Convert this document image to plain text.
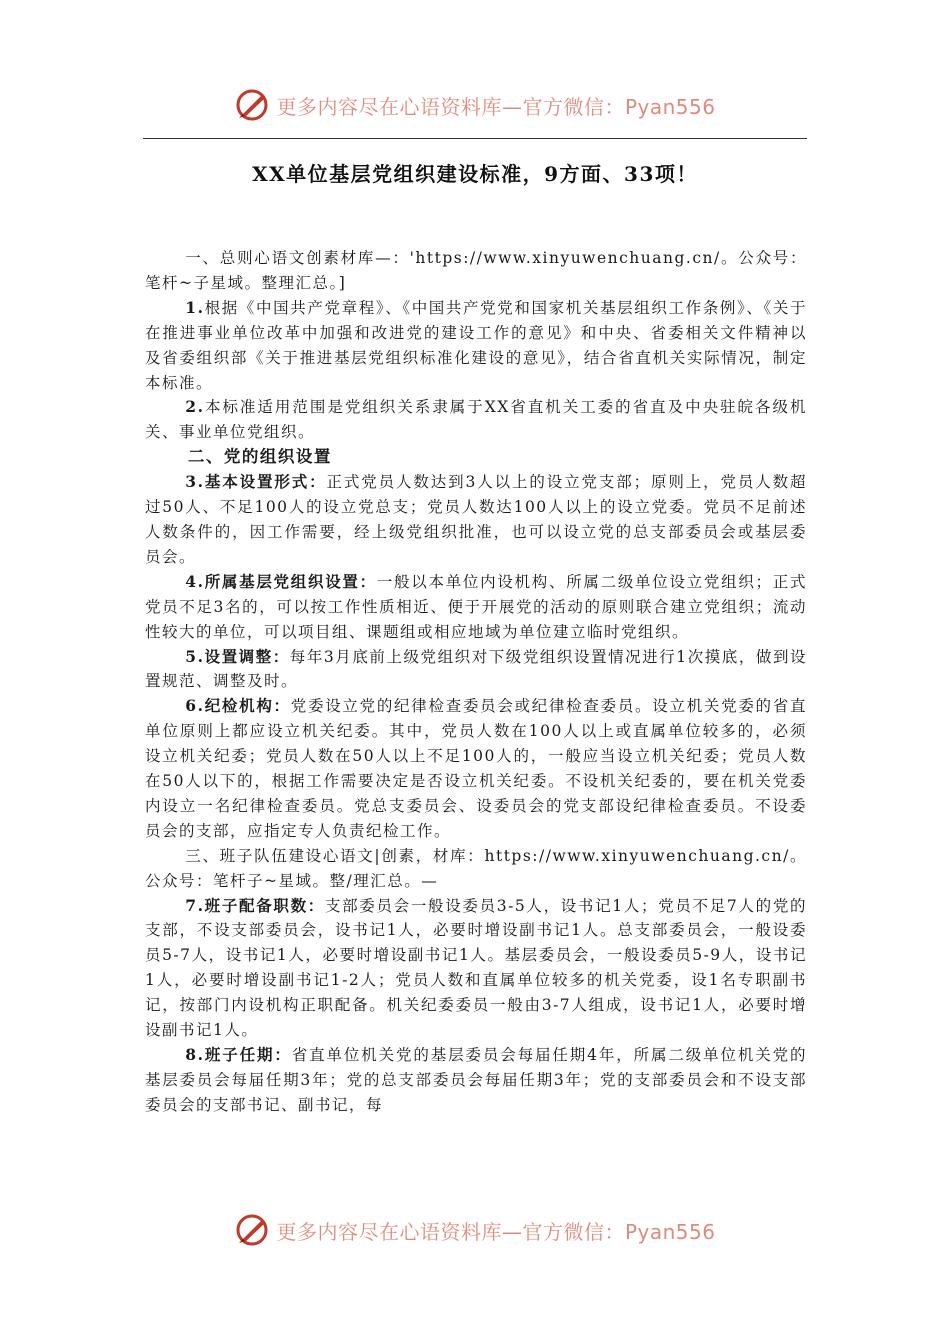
更多内容尽在心语资料库—官方微信：Pyan556
XX单位基层党组织建设标准，9方面、33项！

一、总则心语文创素材库—：'https://www.xinyuwenchuang.cn/。公众号：笔杆~子星域。整理汇总。]

1.根据《中国共产党章程》、《中国共产党党和国家机关基层组织工作条例》、《关于在推进事业单位改革中加强和改进党的建设工作的意见》和中央、省委相关文件精神以及省委组织部《关于推进基层党组织标准化建设的意见》，结合省直机关实际情况，制定本标准。

2.本标准适用范围是党组织关系隶属于XX省直机关工委的省直及中央驻皖各级机关、事业单位党组织。

二、党的组织设置

3.基本设置形式：正式党员人数达到3人以上的设立党支部；原则上，党员人数超过50人、不足100人的设立党总支；党员人数达100人以上的设立党委。党员不足前述人数条件的，因工作需要，经上级党组织批准，也可以设立党的总支部委员会或基层委员会。

4.所属基层党组织设置：一般以本单位内设机构、所属二级单位设立党组织；正式党员不足3名的，可以按工作性质相近、便于开展党的活动的原则联合建立党组织；流动性较大的单位，可以项目组、课题组或相应地域为单位建立临时党组织。

5.设置调整：每年3月底前上级党组织对下级党组织设置情况进行1次摸底，做到设置规范、调整及时。

6.纪检机构：党委设立党的纪律检查委员会或纪律检查委员。设立机关党委的省直单位原则上都应设立机关纪委。其中，党员人数在100人以上或直属单位较多的，必须设立机关纪委；党员人数在50人以上不足100人的，一般应当设立机关纪委；党员人数在50人以下的，根据工作需要决定是否设立机关纪委。不设机关纪委的，要在机关党委内设立一名纪律检查委员。党总支委员会、设委员会的党支部设纪律检查委员。不设委员会的支部，应指定专人负责纪检工作。

三、班子队伍建设心语文|创素，材库：https://www.xinyuwenchuang.cn/。公众号：笔杆子~星域。整/理汇总。—

7.班子配备职数：支部委员会一般设委员3-5人，设书记1人；党员不足7人的党的支部，不设支部委员会，设书记1人，必要时增设副书记1人。总支部委员会，一般设委员5-7人，设书记1人，必要时增设副书记1人。基层委员会，一般设委员5-9人，设书记1人，必要时增设副书记1-2人；党员人数和直属单位较多的机关党委，设1名专职副书记，按部门内设机构正职配备。机关纪委委员一般由3-7人组成，设书记1人，必要时增设副书记1人。

8.班子任期：省直单位机关党的基层委员会每届任期4年，所属二级单位机关党的基层委员会每届任期3年；党的总支部委员会每届任期3年；党的支部委员会和不设支部委员会的支部书记、副书记，每

更多内容尽在心语资料库—官方微信：Pyan556
